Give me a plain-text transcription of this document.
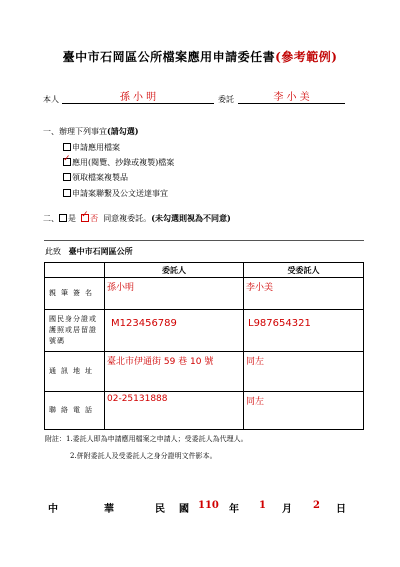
臺中市石岡區公所檔案應用申請委任書(參考範例)
本人	孫 小 明	委託	李 小 美
一、辦理下列事宜(請勾選)
申請應用檔案
✓應用(閱覽、抄錄或複製)檔案
領取檔案複製品
申請案聯繫及公文送達事宜
二、 是 ✓ 否 同意複委託。(未勾選則視為不同意)
此致 臺中市石岡區公所
	委託人	受委託人
親筆簽名	孫小明	李小美
國民身分證或護照或居留證號碼	M123456789	L987654321
通訊地址	臺北市伊通街 59 巷 10 號	同左
聯絡電話	02-25131888	同左
附註：1.委託人即為申請應用檔案之申請人；受委託人為代理人。
2.併附委託人及受委託人之身分證明文件影本。
中	華	民 國 110 年 1 月 2 日
